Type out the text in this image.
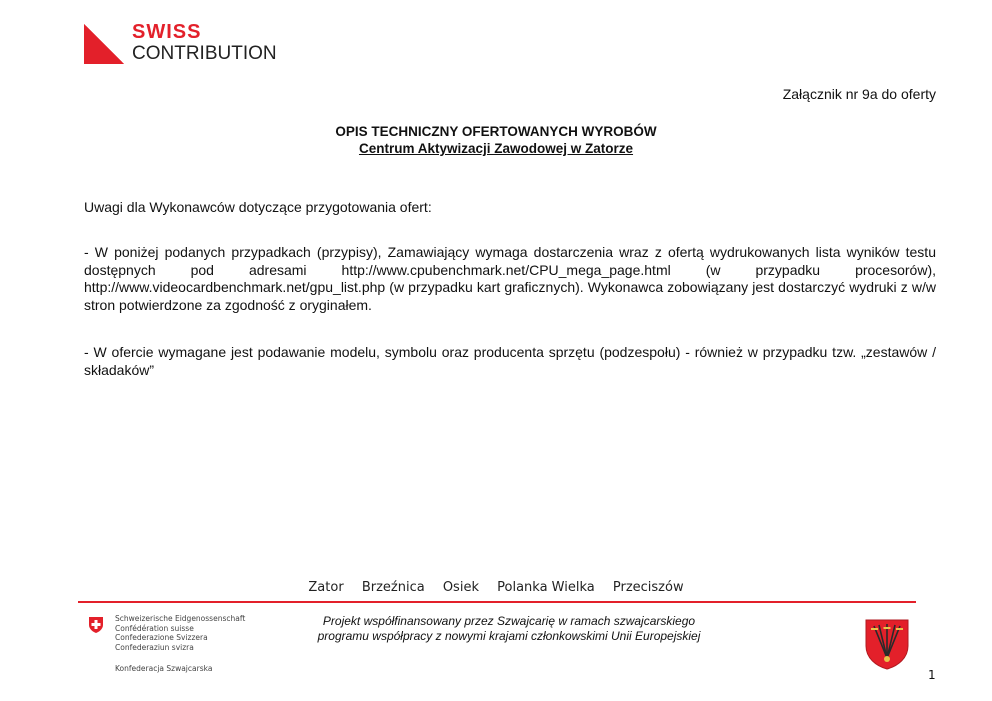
SWISS
CONTRIBUTION
Załącznik nr 9a do oferty
OPIS TECHNICZNY OFERTOWANYCH WYROBÓW
Centrum Aktywizacji Zawodowej w Zatorze
Uwagi dla Wykonawców dotyczące przygotowania ofert:
- W poniżej podanych przypadkach (przypisy), Zamawiający wymaga dostarczenia wraz z ofertą wydrukowanych lista wyników testu dostępnych pod adresami http://www.cpubenchmark.net/CPU_mega_page.html (w przypadku procesorów), http://www.videocardbenchmark.net/gpu_list.php (w przypadku kart graficznych). Wykonawca zobowiązany jest dostarczyć wydruki z w/w stron potwierdzone za zgodność z oryginałem.
- W ofercie wymagane jest podawanie modelu, symbolu oraz producenta sprzętu (podzespołu) - również w przypadku tzw. „zestawów / składaków”
Zator Brzeźnica Osiek Polanka Wielka Przeciszów
Schweizerische Eidgenossenschaft
Confédération suisse
Confederazione Svizzera
Confederaziun svizra
Konfederacja Szwajcarska
Projekt współfinansowany przez Szwajcarię w ramach szwajcarskiego
programu współpracy z nowymi krajami członkowskimi Unii Europejskiej
1
